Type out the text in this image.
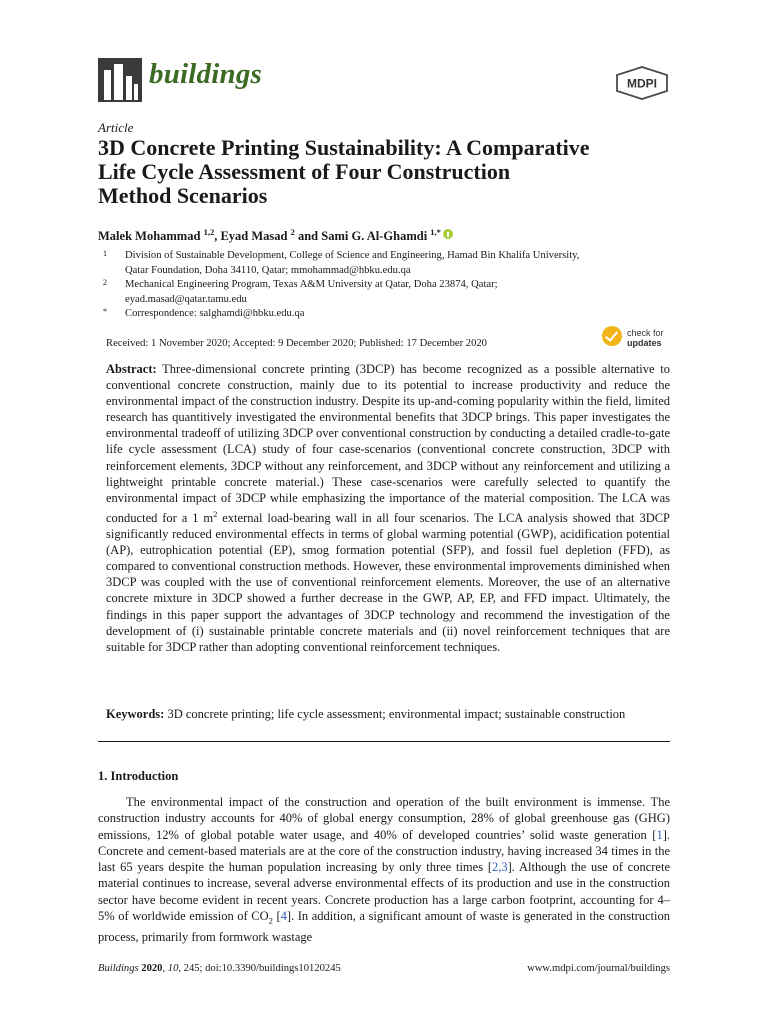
buildings	MDPI
Article
3D Concrete Printing Sustainability: A Comparative
Life Cycle Assessment of Four Construction
Method Scenarios
Malek Mohammad $^{1,2}$, Eyad Masad $^2$ and Sami G. Al-Ghamdi $^{1,*}$
1	Division of Sustainable Development, College of Science and Engineering, Hamad Bin Khalifa University,
Qatar Foundation, Doha 34110, Qatar; mmohammad@hbku.edu.qa
2	Mechanical Engineering Program, Texas A&M University at Qatar, Doha 23874, Qatar;
eyad.masad@qatar.tamu.edu
*	Correspondence: salghamdi@hbku.edu.qa
Received: 1 November 2020; Accepted: 9 December 2020; Published: 17 December 2020
check for
updates

Abstract: Three-dimensional concrete printing (3DCP) has become recognized as a possible alternative to conventional concrete construction, mainly due to its potential to increase productivity and reduce the environmental impact of the construction industry. Despite its up-and-coming popularity within the field, limited research has quantitively investigated the environmental benefits that 3DCP brings. This paper investigates the environmental tradeoff of utilizing 3DCP over conventional construction by conducting a detailed cradle-to-gate life cycle assessment (LCA) study of four case-scenarios (conventional concrete construction, 3DCP with reinforcement elements, 3DCP without any reinforcement, and 3DCP without any reinforcement and utilizing a lightweight printable concrete material.) These case-scenarios were carefully selected to quantify the environmental impact of 3DCP while emphasizing the importance of the material composition. The LCA was conducted for a 1 $m^2$ external load-bearing wall in all four scenarios. The LCA analysis showed that 3DCP significantly reduced environmental effects in terms of global warming potential (GWP), acidification potential (AP), eutrophication potential (EP), smog formation potential (SFP), and fossil fuel depletion (FFD), as compared to conventional construction methods. However, these environmental improvements diminished when 3DCP was coupled with the use of conventional reinforcement elements. Moreover, the use of an alternative concrete mixture in 3DCP showed a further decrease in the GWP, AP, EP, and FFD impact. Ultimately, the findings in this paper support the advantages of 3DCP technology and recommend the investigation of the development of (i) sustainable printable concrete materials and (ii) novel reinforcement techniques that are suitable for 3DCP rather than adopting conventional reinforcement techniques.

Keywords: 3D concrete printing; life cycle assessment; environmental impact; sustainable construction
1. Introduction

The environmental impact of the construction and operation of the built environment is immense. The construction industry accounts for 40% of global energy consumption, 28% of global greenhouse gas (GHG) emissions, 12% of global potable water usage, and 40% of developed countries’ solid waste generation [1]. Concrete and cement-based materials are at the core of the construction industry, having increased 34 times in the last 65 years despite the human population increasing by only three times [2,3]. Although the use of concrete material continues to increase, several adverse environmental effects of its production and use in the construction sector have become evident in recent years. Concrete production has a large carbon footprint, accounting for 4–5% of worldwide emission of $CO_2$ [4]. In addition, a significant amount of waste is generated in the construction process, primarily from formwork wastage

Buildings 2020, 10, 245; doi:10.3390/buildings10120245	www.mdpi.com/journal/buildings
